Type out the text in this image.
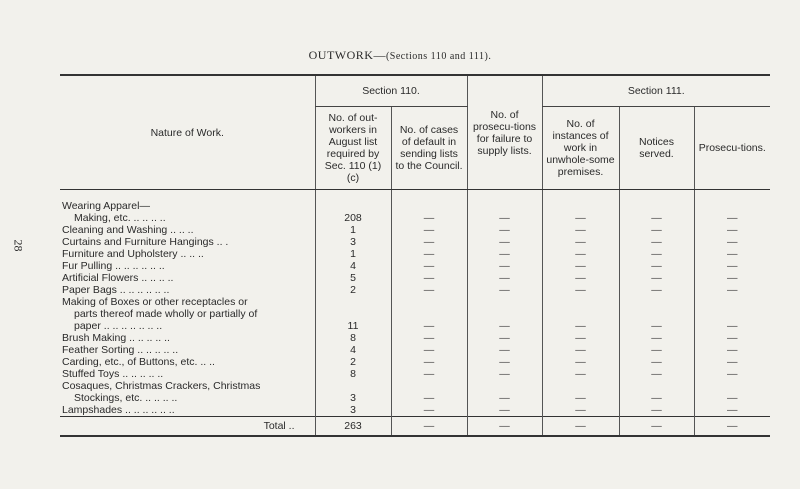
28
OUTWORK—(Sections 110 and 111).
Nature of Work.	Section 110.		No. of prosecu-tions for failure to supply lists.	Section 111.		
	No. of out-workers in August list required by Sec. 110 (1) (c)	No. of cases of default in sending lists to the Council.		No. of instances of work in unwhole-some premises.	Notices served.	Prosecu-tions.

Wearing Apparel—						
Making, etc. .. .. .. ..	208	—	—	—	—	—
Cleaning and Washing .. .. ..	1	—	—	—	—	—
Curtains and Furniture Hangings .. .	3	—	—	—	—	—
Furniture and Upholstery .. .. ..	1	—	—	—	—	—
Fur Pulling .. .. .. .. .. ..	4	—	—	—	—	—
Artificial Flowers .. .. .. ..	5	—	—	—	—	—
Paper Bags .. .. .. .. .. ..	2	—	—	—	—	—
Making of Boxes or other receptacles or						
parts thereof made wholly or partially of						
paper .. .. .. .. .. .. ..	11	—	—	—	—	—
Brush Making .. .. .. .. ..	8	—	—	—	—	—
Feather Sorting .. .. .. .. ..	4	—	—	—	—	—
Carding, etc., of Buttons, etc. .. ..	2	—	—	—	—	—
Stuffed Toys .. .. .. .. ..	8	—	—	—	—	—
Cosaques, Christmas Crackers, Christmas						
Stockings, etc. .. .. .. ..	3	—	—	—	—	—
Lampshades .. .. .. .. .. ..	3	—	—	—	—	—
Total ..	263	—	—	—	—	—
